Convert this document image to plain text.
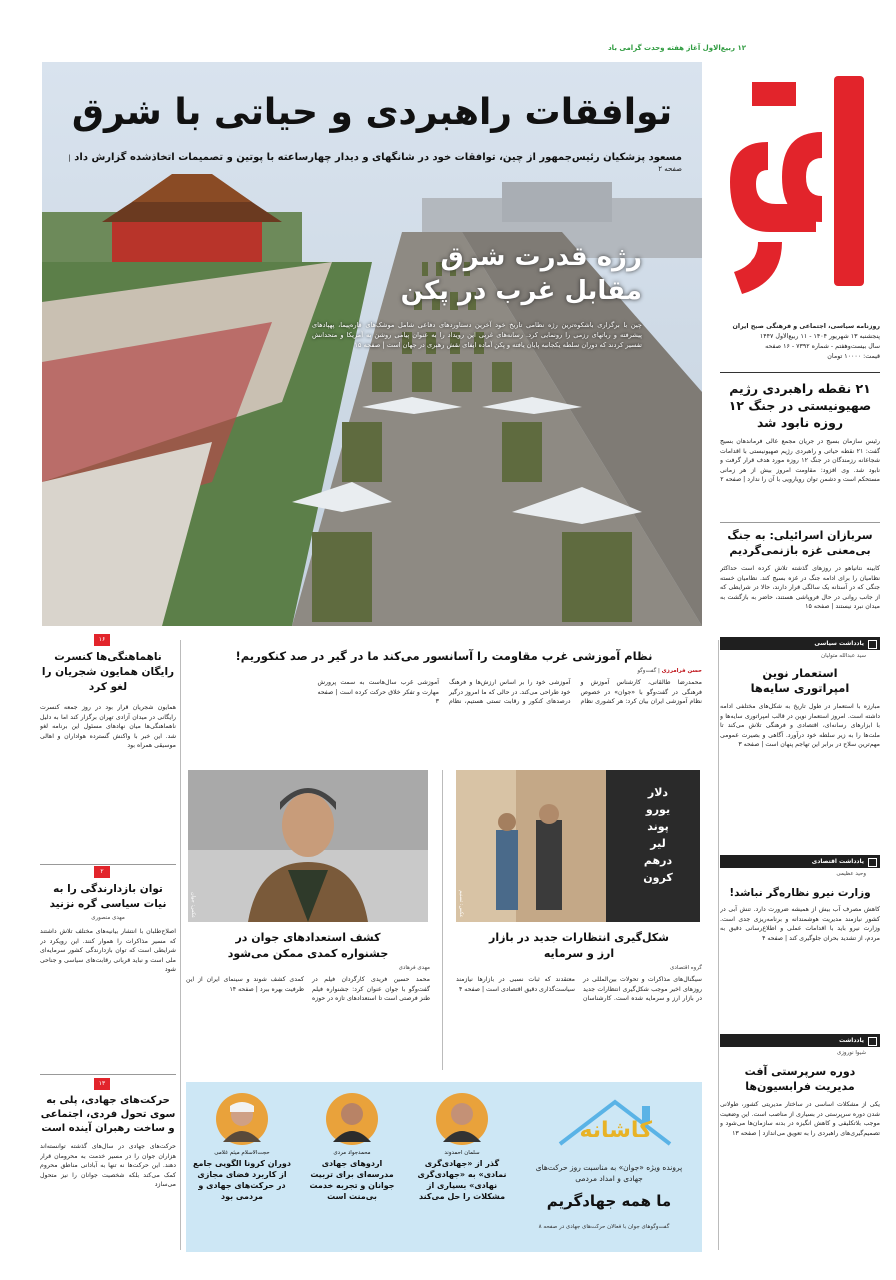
۱۲ ربیع‌الاول آغاز هفته وحدت گرامی باد
روزنامه سیاسی، اجتماعی و فرهنگی صبح ایران
پنجشنبه ۱۳ شهریور ۱۴۰۴ - ۱۱ ربیع‌الاول ۱۴۴۷
سال بیست‌وهفتم - شماره ۷۳۹۲ - ۱۶ صفحه
قیمت: ۱۰۰۰۰ تومان
توافقات راهبردی و حیاتی با شرق
مسعود پزشکیان رئیس‌جمهور از چین، توافقات خود در شانگهای و دیدار چهارساعته با پوتین و تصمیمات اتخاذشده گزارش داد | صفحه ۲
رژه قدرت شرق
مقابل غرب در پکن
چین با برگزاری باشکوه‌ترین رژه نظامی تاریخ خود آخرین دستاوردهای دفاعی شامل موشک‌های قاره‌پیما، پهپادهای پیشرفته و رباتهای رزمی را رونمایی کرد. رسانه‌های غربی این رویداد را به عنوان پیامی روشن به آمریکا و متحدانش تفسیر کردند که دوران سلطه یکجانبه پایان یافته و پکن آماده ایفای نقش رهبری در جهان است | صفحه ۱۵
۲۱ نقطه راهبردی رژیم صهیونیستی در جنگ ۱۲ روزه نابود شد
رئیس سازمان بسیج در جریان مجمع عالی فرماندهان بسیج گفت: ۲۱ نقطه حیاتی و راهبردی رژیم صهیونیستی با اقدامات شجاعانه رزمندگان در جنگ ۱۲ روزه مورد هدف قرار گرفت و نابود شد. وی افزود: مقاومت امروز بیش از هر زمانی مستحکم است و دشمن توان رویارویی با آن را ندارد | صفحه ۲
سربازان اسرائیلی: به جنگ بی‌معنی غزه بازنمی‌گردیم
کابینه نتانیاهو در روزهای گذشته تلاش کرده است حداکثر نظامیان را برای ادامه جنگ در غزه بسیج کند. نظامیان خسته جنگی که در آستانه یک سالگی قرار دارند، حالا در شرایطی که از جانب روانی در حال فروپاشی هستند، حاضر به بازگشت به میدان نبرد نیستند | صفحه ۱۵
یادداشت سیاسی
سید عبدالله متولیان
استعمار نوین امپراتوری سایه‌ها
مبارزه با استعمار در طول تاریخ به شکل‌های مختلفی ادامه داشته است. امروز استعمار نوین در قالب امپراتوری سایه‌ها و با ابزارهای رسانه‌ای، اقتصادی و فرهنگی تلاش می‌کند تا ملت‌ها را به زیر سلطه خود درآورد. آگاهی و بصیرت عمومی مهم‌ترین سلاح در برابر این تهاجم پنهان است | صفحه ۳
یادداشت اقتصادی
وحید عظیمی
وزارت نیرو نظاره‌گر نباشد!
کاهش مصرف آب بیش از همیشه ضرورت دارد. تنش آبی در کشور نیازمند مدیریت هوشمندانه و برنامه‌ریزی جدی است. وزارت نیرو باید با اقدامات عملی و اطلاع‌رسانی دقیق به مردم، از تشدید بحران جلوگیری کند | صفحه ۴
یادداشت
شیوا نوروزی
دوره سرپرستی آفت مدیریت فرابسیون‌ها
یکی از مشکلات اساسی در ساختار مدیریتی کشور، طولانی شدن دوره سرپرستی در بسیاری از مناصب است. این وضعیت موجب بلاتکلیفی و کاهش انگیزه در بدنه سازمان‌ها می‌شود و تصمیم‌گیری‌های راهبردی را به تعویق می‌اندازد | صفحه ۱۳
۱۶
ناهماهنگی‌ها کنسرت رایگان همایون شجریان را لغو کرد
همایون شجریان قرار بود در روز جمعه کنسرت رایگانی در میدان آزادی تهران برگزار کند اما به دلیل ناهماهنگی‌ها میان نهادهای مسئول این برنامه لغو شد. این خبر با واکنش گسترده هواداران و اهالی موسیقی همراه بود
۲
توان بازدارندگی را به نیات سیاسی گره نزنید
مهدی منصوری
اصلاح‌طلبان با انتشار بیانیه‌های مختلف تلاش داشتند که مسیر مذاکرات را هموار کنند. این رویکرد در شرایطی است که توان بازدارندگی کشور سرمایه‌ای ملی است و نباید قربانی رقابت‌های سیاسی و جناحی شود
۱۳
حرکت‌های جهادی، پلی به سوی تحول فردی، اجتماعی و ساخت رهبران آینده است
حرکت‌های جهادی در سال‌های گذشته توانسته‌اند هزاران جوان را در مسیر خدمت به محرومان قرار دهند. این حرکت‌ها نه تنها به آبادانی مناطق محروم کمک می‌کند بلکه شخصیت جوانان را نیز متحول می‌سازد
نظام آموزشی غرب مقاومت را آسانسور می‌کند ما در گیر در صد کنکوریم!
حسن فرامرزی | گفت‌وگو
محمدرضا طالقانی، کارشناس آموزش و فرهنگی در گفت‌وگو با «جوان» در خصوص نظام آموزشی ایران بیان کرد: هر کشوری نظام آموزشی خود را بر اساس ارزش‌ها و فرهنگ خود طراحی می‌کند. در حالی که ما امروز درگیر درصدهای کنکور و رقابت تستی هستیم، نظام آموزشی غرب سال‌هاست به سمت پرورش مهارت و تفکر خلاق حرکت کرده است | صفحه ۳
عکس: جوان
کشف استعدادهای جوان در جشنواره کمدی ممکن می‌شود
مهدی فرهادی
محمد حسین فریدی کارگردان فیلم در گفت‌وگو با جوان عنوان کرد: جشنواره فیلم طنز فرصتی است تا استعدادهای تازه در حوزه کمدی کشف شوند و سینمای ایران از این ظرفیت بهره ببرد | صفحه ۱۴
دلار
یورو
پوند
لیر
درهم
کرون
عکس: تسنیم
شکل‌گیری انتظارات جدید در بازار ارز و سرمایه
گروه اقتصادی
سیگنال‌های مذاکرات و تحولات بین‌المللی در روزهای اخیر موجب شکل‌گیری انتظارات جدید در بازار ارز و سرمایه شده است. کارشناسان معتقدند که ثبات نسبی در بازارها نیازمند سیاست‌گذاری دقیق اقتصادی است | صفحه ۴
کاشانه
پرونده ویژه «جوان» به مناسبت روز حرکت‌های جهادی و امداد مردمی
ما همه جهادگریم
گفت‌وگوهای جوان با فعالان حرکت‌های جهادی در صفحه ۸
سلمان احمدوند
گذر از «جهادی‌گری نمادی» به «جهادی‌گری نهادی» بسیاری از مشکلات را حل می‌کند
محمدجواد مردی
اردوهای جهادی مدرسه‌ای برای تربیت جوانان و تجربه خدمت بی‌منت است
حجت‌الاسلام میثم غلامی
دوران کرونا الگویی جامع از کاربرد فضای مجازی در حرکت‌های جهادی و مردمی بود
